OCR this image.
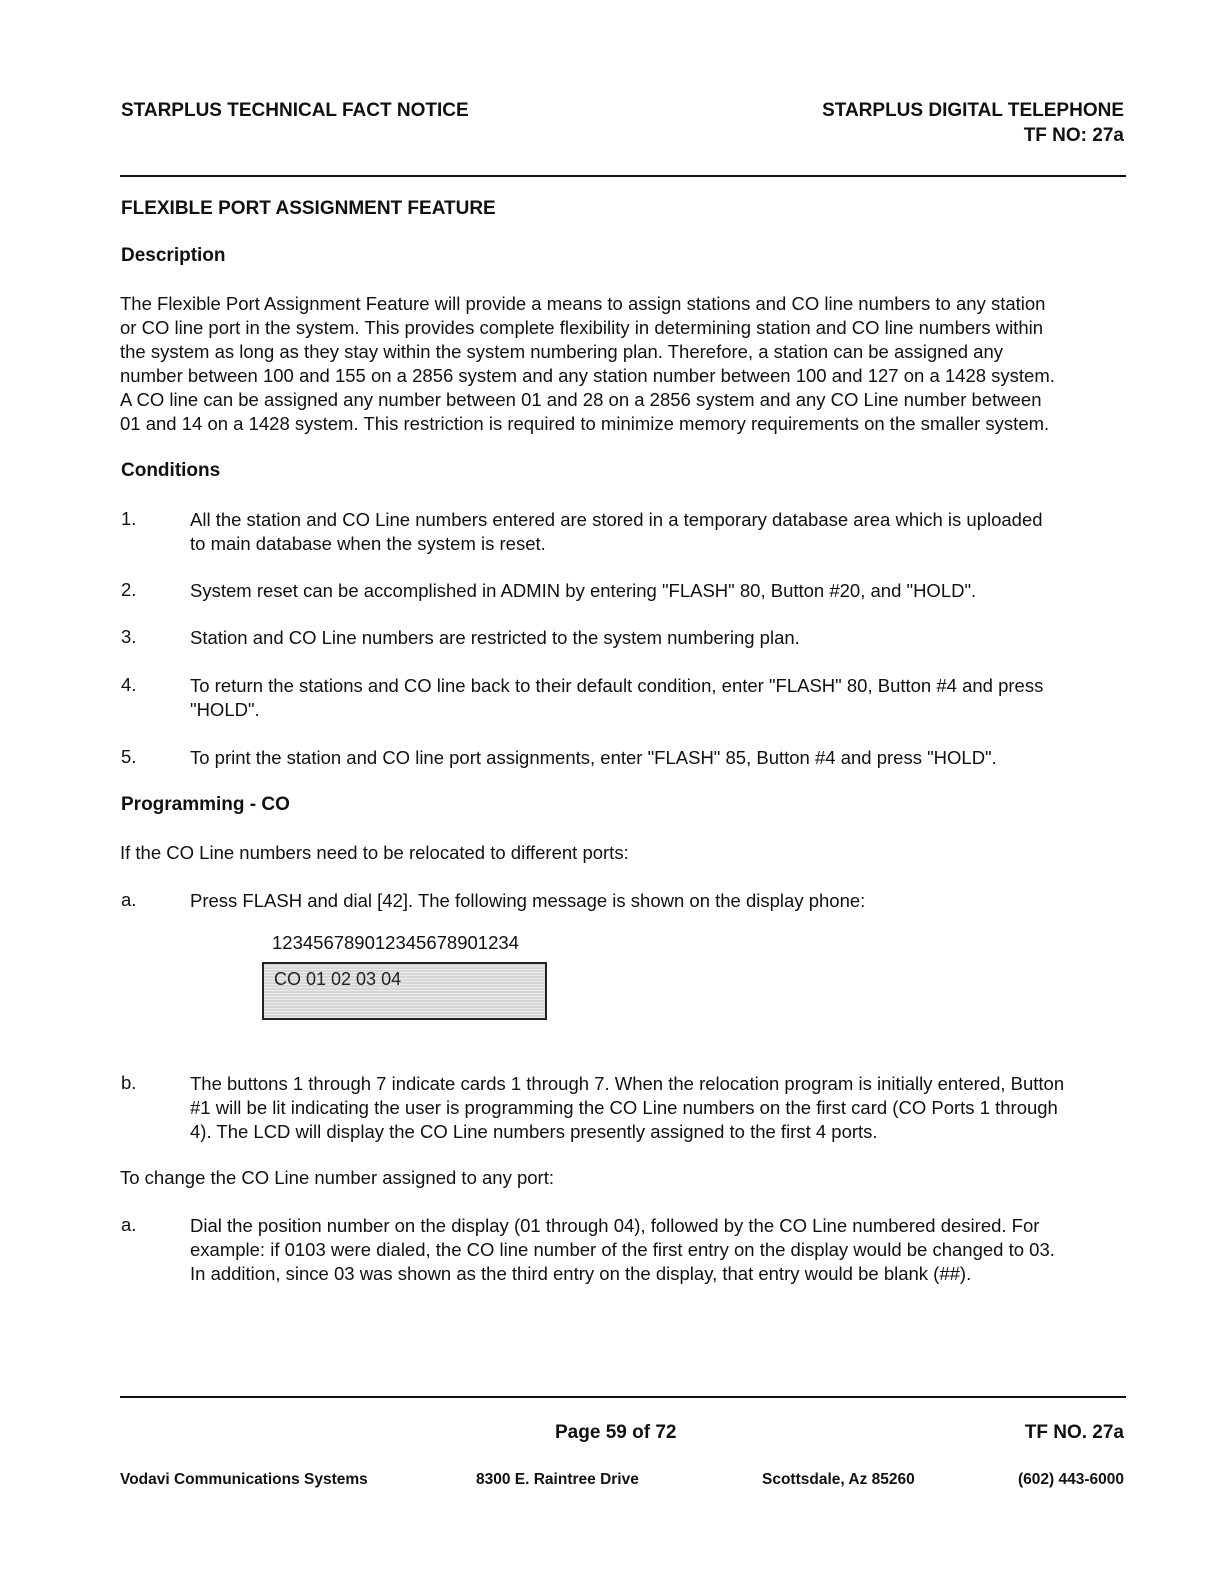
STARPLUS TECHNICAL FACT NOTICE	STARPLUS DIGITAL TELEPHONE
TF NO: 27a
FLEXIBLE PORT ASSIGNMENT FEATURE
Description
The Flexible Port Assignment Feature will provide a means to assign stations and CO line numbers to any station
or CO line port in the system. This provides complete flexibility in determining station and CO line numbers within
the system as long as they stay within the system numbering plan. Therefore, a station can be assigned any
number between 100 and 155 on a 2856 system and any station number between 100 and 127 on a 1428 system.
A CO line can be assigned any number between 01 and 28 on a 2856 system and any CO Line number between
01 and 14 on a 1428 system. This restriction is required to minimize memory requirements on the smaller system.
Conditions
1.	All the station and CO Line numbers entered are stored in a temporary database area which is uploaded
to main database when the system is reset.
2.	System reset can be accomplished in ADMIN by entering "FLASH" 80, Button #20, and "HOLD".
3.	Station and CO Line numbers are restricted to the system numbering plan.
4.	To return the stations and CO line back to their default condition, enter "FLASH" 80, Button #4 and press
"HOLD".
5.	To print the station and CO line port assignments, enter "FLASH" 85, Button #4 and press "HOLD".
Programming - CO
If the CO Line numbers need to be relocated to different ports:
a.	Press FLASH and dial [42]. The following message is shown on the display phone:
123456789012345678901234
CO 01 02 03 04
b.	The buttons 1 through 7 indicate cards 1 through 7. When the relocation program is initially entered, Button
#1 will be lit indicating the user is programming the CO Line numbers on the first card (CO Ports 1 through
4). The LCD will display the CO Line numbers presently assigned to the first 4 ports.
To change the CO Line number assigned to any port:
a.	Dial the position number on the display (01 through 04), followed by the CO Line numbered desired. For
example: if 0103 were dialed, the CO line number of the first entry on the display would be changed to 03.
In addition, since 03 was shown as the third entry on the display, that entry would be blank (##).
Page 59 of 72	TF NO. 27a
Vodavi Communications Systems	8300 E. Raintree Drive	Scottsdale, Az 85260	(602) 443-6000
